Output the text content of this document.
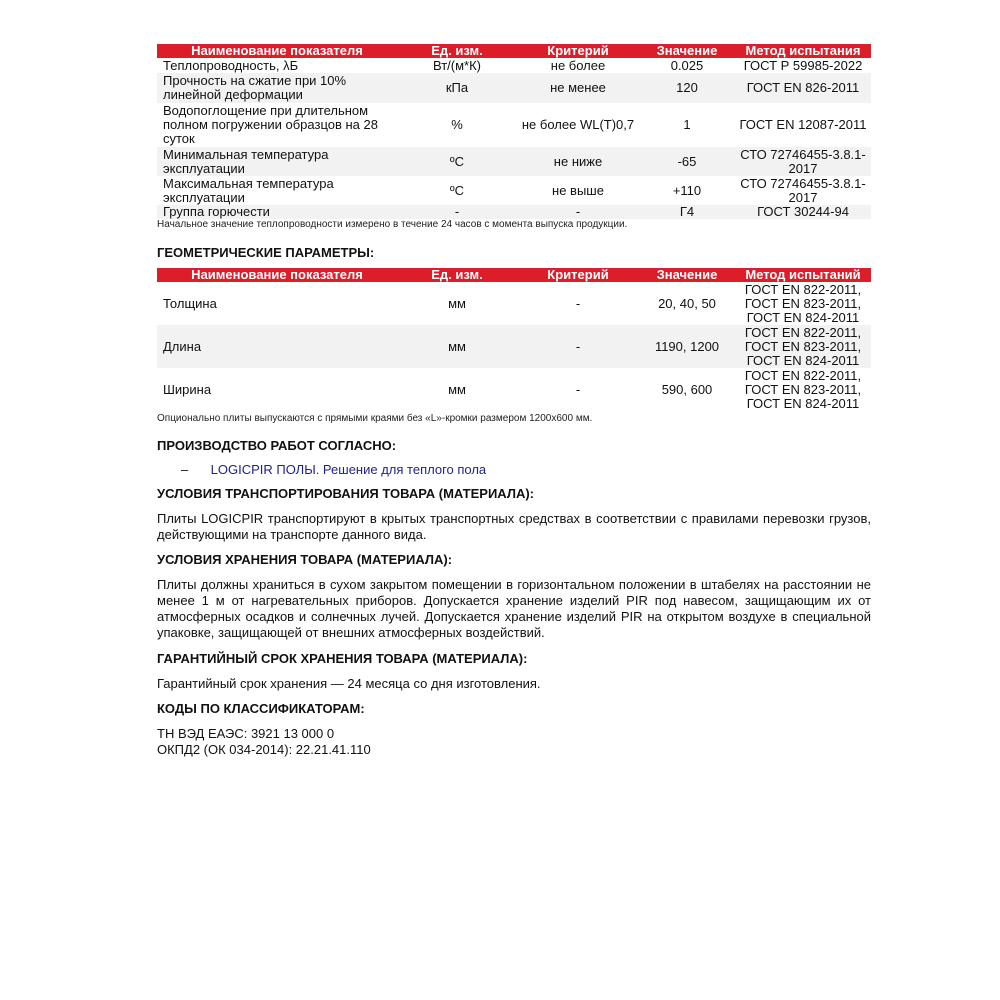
Наименование показателя	Ед. изм.	Критерий	Значение	Метод испытания
Теплопроводность, λБ	Вт/(м*К)	не более	0.025	ГОСТ Р 59985-2022
Прочность на сжатие при 10% линейной деформации	кПа	не менее	120	ГОСТ EN 826-2011
Водопоглощение при длительном полном погружении образцов на 28 суток	%	не более WL(T)0,7	1	ГОСТ EN 12087-2011
Минимальная температура эксплуатации	ºС	не ниже	-65	СТО 72746455-3.8.1-2017
Максимальная температура эксплуатации	ºС	не выше	+110	СТО 72746455-3.8.1-2017
Группа горючести	-	-	Г4	ГОСТ 30244-94
Начальное значение теплопроводности измерено в течение 24 часов с момента выпуска продукции.
ГЕОМЕТРИЧЕСКИЕ ПАРАМЕТРЫ:
Наименование показателя	Ед. изм.	Критерий	Значение	Метод испытаний
Толщина	мм	-	20, 40, 50	ГОСТ EN 822-2011, ГОСТ EN 823-2011, ГОСТ EN 824-2011
Длина	мм	-	1190, 1200	ГОСТ EN 822-2011, ГОСТ EN 823-2011, ГОСТ EN 824-2011
Ширина	мм	-	590, 600	ГОСТ EN 822-2011, ГОСТ EN 823-2011, ГОСТ EN 824-2011
Опционально плиты выпускаются с прямыми краями без «L»-кромки размером 1200х600 мм.
ПРОИЗВОДСТВО РАБОТ СОГЛАСНО:
– LOGICPIR ПОЛЫ. Решение для теплого пола
УСЛОВИЯ ТРАНСПОРТИРОВАНИЯ ТОВАРА (МАТЕРИАЛА):
Плиты LOGICPIR транспортируют в крытых транспортных средствах в соответствии с правилами перевозки грузов, действующими на транспорте данного вида.
УСЛОВИЯ ХРАНЕНИЯ ТОВАРА (МАТЕРИАЛА):
Плиты должны храниться в сухом закрытом помещении в горизонтальном положении в штабелях на расстоянии не менее 1 м от нагревательных приборов. Допускается хранение изделий PIR под навесом, защищающим их от атмосферных осадков и солнечных лучей. Допускается хранение изделий PIR на открытом воздухе в специальной упаковке, защищающей от внешних атмосферных воздействий.
ГАРАНТИЙНЫЙ СРОК ХРАНЕНИЯ ТОВАРА (МАТЕРИАЛА):
Гарантийный срок хранения — 24 месяца со дня изготовления.
КОДЫ ПО КЛАССИФИКАТОРАМ:
ТН ВЭД ЕАЭС: 3921 13 000 0
ОКПД2 (ОК 034-2014): 22.21.41.110
